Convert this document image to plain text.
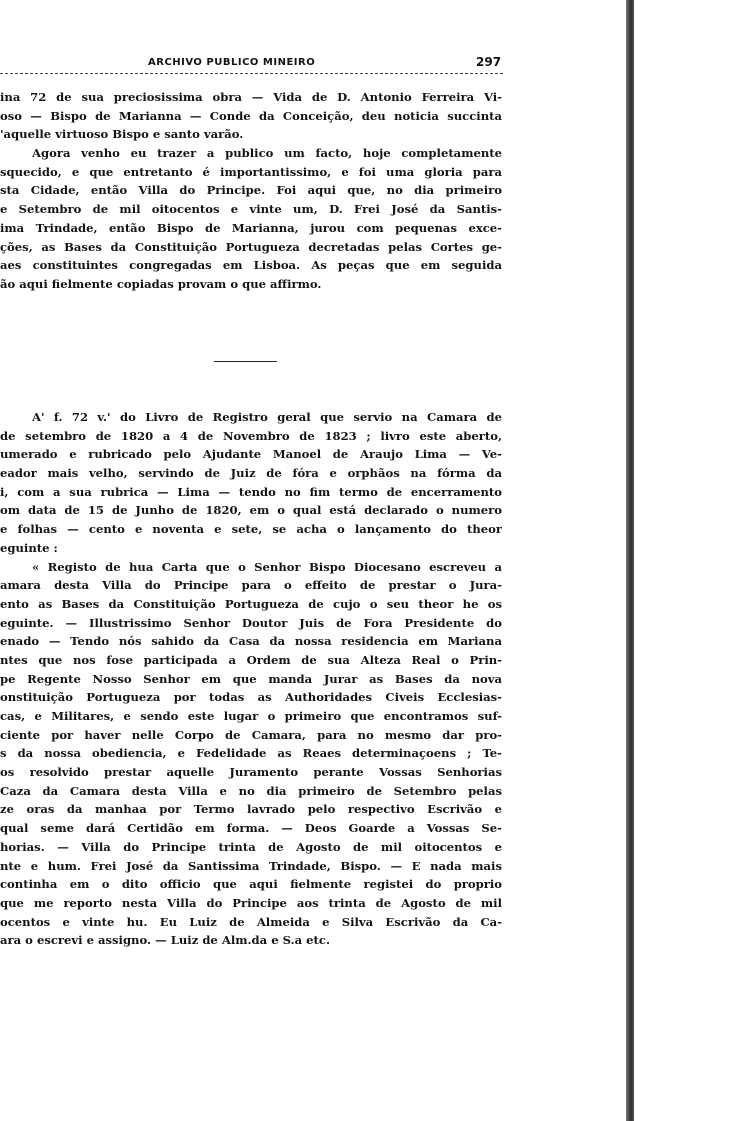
ARCHIVO PUBLICO MINEIRO	297
ina 72 de sua preciosissima obra — Vida de D. Antonio Ferreira Vi-
oso — Bispo de Marianna — Conde da Conceição, deu noticia succinta
'aquelle virtuoso Bispo e santo varão.
Agora venho eu trazer a publico um facto, hoje completamente
squecido, e que entretanto é importantissimo, e foi uma gloria para
sta Cidade, então Villa do Principe. Foi aqui que, no dia primeiro
e Setembro de mil oitocentos e vinte um, D. Frei José da Santis-
ima Trindade, então Bispo de Marianna, jurou com pequenas exce-
ções, as Bases da Constituição Portugueza decretadas pelas Cortes ge-
aes constituintes congregadas em Lisboa. As peças que em seguida
ão aqui fielmente copiadas provam o que affirmo.
A' f. 72 v.' do Livro de Registro geral que servio na Camara de
de setembro de 1820 a 4 de Novembro de 1823 ; livro este aberto,
umerado e rubricado pelo Ajudante Manoel de Araujo Lima — Ve-
eador mais velho, servindo de Juiz de fóra e orphãos na fórma da
i, com a sua rubrica — Lima — tendo no fim termo de encerramento
om data de 15 de Junho de 1820, em o qual está declarado o numero
e folhas — cento e noventa e sete, se acha o lançamento do theor
eguinte :
« Registo de hua Carta que o Senhor Bispo Diocesano escreveu a
amara desta Villa do Principe para o effeito de prestar o Jura-
ento as Bases da Constituição Portugueza de cujo o seu theor he os
eguinte. — Illustrissimo Senhor Doutor Juis de Fora Presidente do
enado — Tendo nós sahido da Casa da nossa residencia em Mariana
ntes que nos fose participada a Ordem de sua Alteza Real o Prin-
pe Regente Nosso Senhor em que manda Jurar as Bases da nova
onstituição Portugueza por todas as Authoridades Civeis Ecclesias-
cas, e Militares, e sendo este lugar o primeiro que encontramos suf-
ciente por haver nelle Corpo de Camara, para no mesmo dar pro-
s da nossa obediencia, e Fedelidade as Reaes determinaçoens ; Te-
os resolvido prestar aquelle Juramento perante Vossas Senhorias
Caza da Camara desta Villa e no dia primeiro de Setembro pelas
ze oras da manhaa por Termo lavrado pelo respectivo Escrivão e
qual seme dará Certidão em forma. — Deos Goarde a Vossas Se-
horias. — Villa do Principe trinta de Agosto de mil oitocentos e
nte e hum. Frei José da Santissima Trindade, Bispo. — E nada mais
continha em o dito officio que aqui fielmente registei do proprio
que me reporto nesta Villa do Principe aos trinta de Agosto de mil
ocentos e vinte hu. Eu Luiz de Almeida e Silva Escrivão da Ca-
ara o escrevi e assigno. — Luiz de Alm.da e S.a etc.
